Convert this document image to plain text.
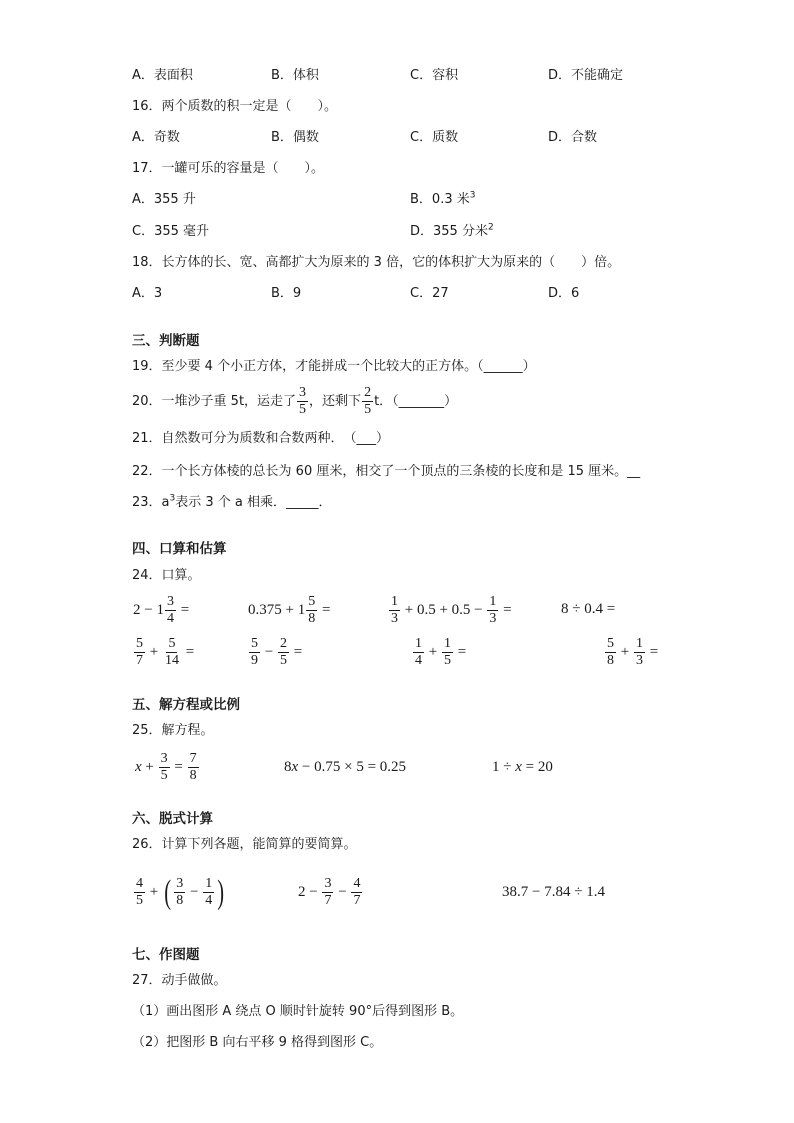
A．表面积	B．体积	C．容积	D．不能确定
16．两个质数的积一定是（　　）。
A．奇数	B．偶数	C．质数	D．合数
17．一罐可乐的容量是（　　）。
A．355 升	B．0.3 米$^3$
C．355 毫升	D．355 分米$^2$
18．长方体的长、宽、高都扩大为原来的 3 倍，它的体积扩大为原来的（　　）倍。
A．3	B．9	C．27	D．6
三、判断题
19．至少要 4 个小正方体，才能拼成一个比较大的正方体。（______）
20．一堆沙子重 5t，运走了 $\frac{3}{5}$ ，还剩下 $\frac{2}{5}$ t．（_______）
21．自然数可分为质数和合数两种．　（___）
22．一个长方体棱的总长为 60 厘米，相交了一个顶点的三条棱的长度和是 15 厘米。__
23．$a^3$表示 3 个 a 相乘．_____．
四、口算和估算
24．口算。
$2 - 1 \frac{3}{4}$ =	$0.375 + 1 \frac{5}{8}$ =	$\frac{1}{3} + 0.5 + 0.5 - \frac{1}{3}$ =	8 ÷ 0.4 =
$\frac{5}{7} + \frac{5}{14}$ =	$\frac{5}{9} - \frac{2}{5}$ =	$\frac{1}{4} + \frac{1}{5}$ =	$\frac{5}{8} + \frac{1}{3}$ =
五、解方程或比例
25．解方程。
$x + \frac{3}{5} = \frac{7}{8}$	8x − 0.75 × 5 = 0.25	1 ÷ x = 20
六、脱式计算
26．计算下列各题，能简算的要简算。
$\frac{4}{5}$ + ( $\frac{3}{8} - \frac{1}{4}$ )	$2 - \frac{3}{7} - \frac{4}{7}$	38.7 − 7.84 ÷ 1.4
七、作图题
27．动手做做。
（1）画出图形 A 绕点 O 顺时针旋转 90°后得到图形 B。
（2）把图形 B 向右平移 9 格得到图形 C。
